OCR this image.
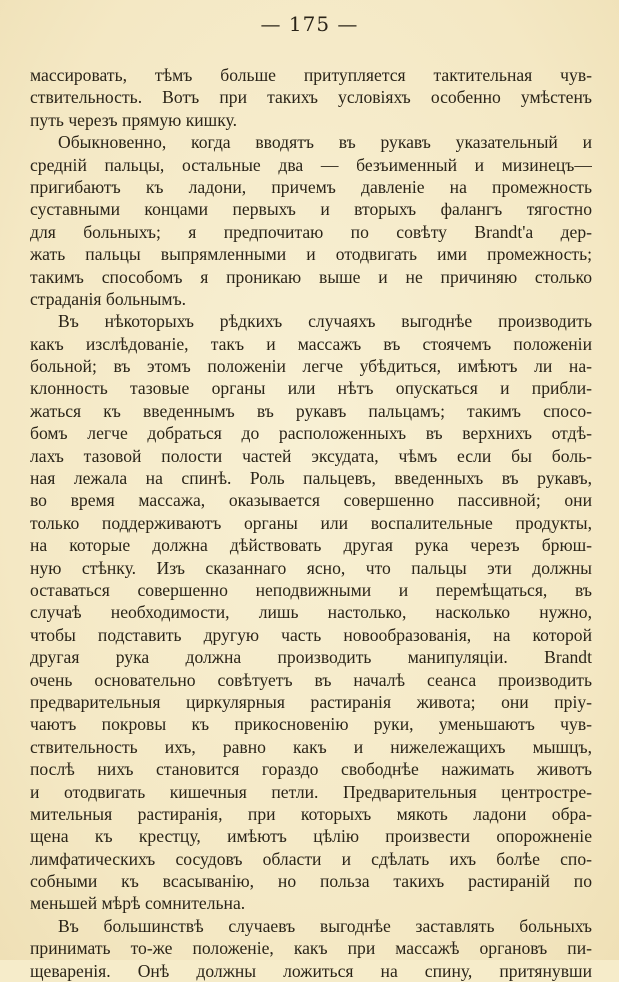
— 175 —
массировать, тѣмъ больше притупляется тактительная чув-
ствительность. Вотъ при такихъ условіяхъ особенно умѣстенъ
путь черезъ прямую кишку.
Обыкновенно, когда вводятъ въ рукавъ указательный и
средній пальцы, остальные два — безъименный и мизинецъ—
пригибаютъ къ ладони, причемъ давленіе на промежность
суставными концами первыхъ и вторыхъ фалангъ тягостно
для больныхъ; я предпочитаю по совѣту Brandt'а дер-
жать пальцы выпрямленными и отодвигать ими промежность;
такимъ способомъ я проникаю выше и не причиняю столько
страданія больнымъ.
Въ нѣкоторыхъ рѣдкихъ случаяхъ выгоднѣе производить
какъ изслѣдованіе, такъ и массажъ въ стоячемъ положеніи
больной; въ этомъ положеніи легче убѣдиться, имѣютъ ли на-
клонность тазовые органы или нѣтъ опускаться и прибли-
жаться къ введеннымъ въ рукавъ пальцамъ; такимъ спосо-
бомъ легче добраться до расположенныхъ въ верхнихъ отдѣ-
лахъ тазовой полости частей эксудата, чѣмъ если бы боль-
ная лежала на спинѣ. Роль пальцевъ, введенныхъ въ рукавъ,
во время массажа, оказывается совершенно пассивной; они
только поддерживаютъ органы или воспалительные продукты,
на которые должна дѣйствовать другая рука черезъ брюш-
ную стѣнку. Изъ сказаннаго ясно, что пальцы эти должны
оставаться совершенно неподвижными и перемѣщаться, въ
случаѣ необходимости, лишь настолько, насколько нужно,
чтобы подставить другую часть новообразованія, на которой
другая рука должна производить манипуляціи. Brandt
очень основательно совѣтуетъ въ началѣ сеанса производить
предварительныя циркулярныя растиранія живота; они пріу-
чаютъ покровы къ прикосновенію руки, уменьшаютъ чув-
ствительность ихъ, равно какъ и нижележащихъ мышцъ,
послѣ нихъ становится гораздо свободнѣе нажимать животъ
и отодвигать кишечныя петли. Предварительныя центростре-
мительныя растиранія, при которыхъ мякоть ладони обра-
щена къ крестцу, имѣютъ цѣлію произвести опорожненіе
лимфатическихъ сосудовъ области и сдѣлать ихъ болѣе спо-
собными къ всасыванію, но польза такихъ растираній по
меньшей мѣрѣ сомнительна.
Въ большинствѣ случаевъ выгоднѣе заставлять больныхъ
принимать то-же положеніе, какъ при массажѣ органовъ пи-
щеваренія. Онѣ должны ложиться на спину, притянувши
